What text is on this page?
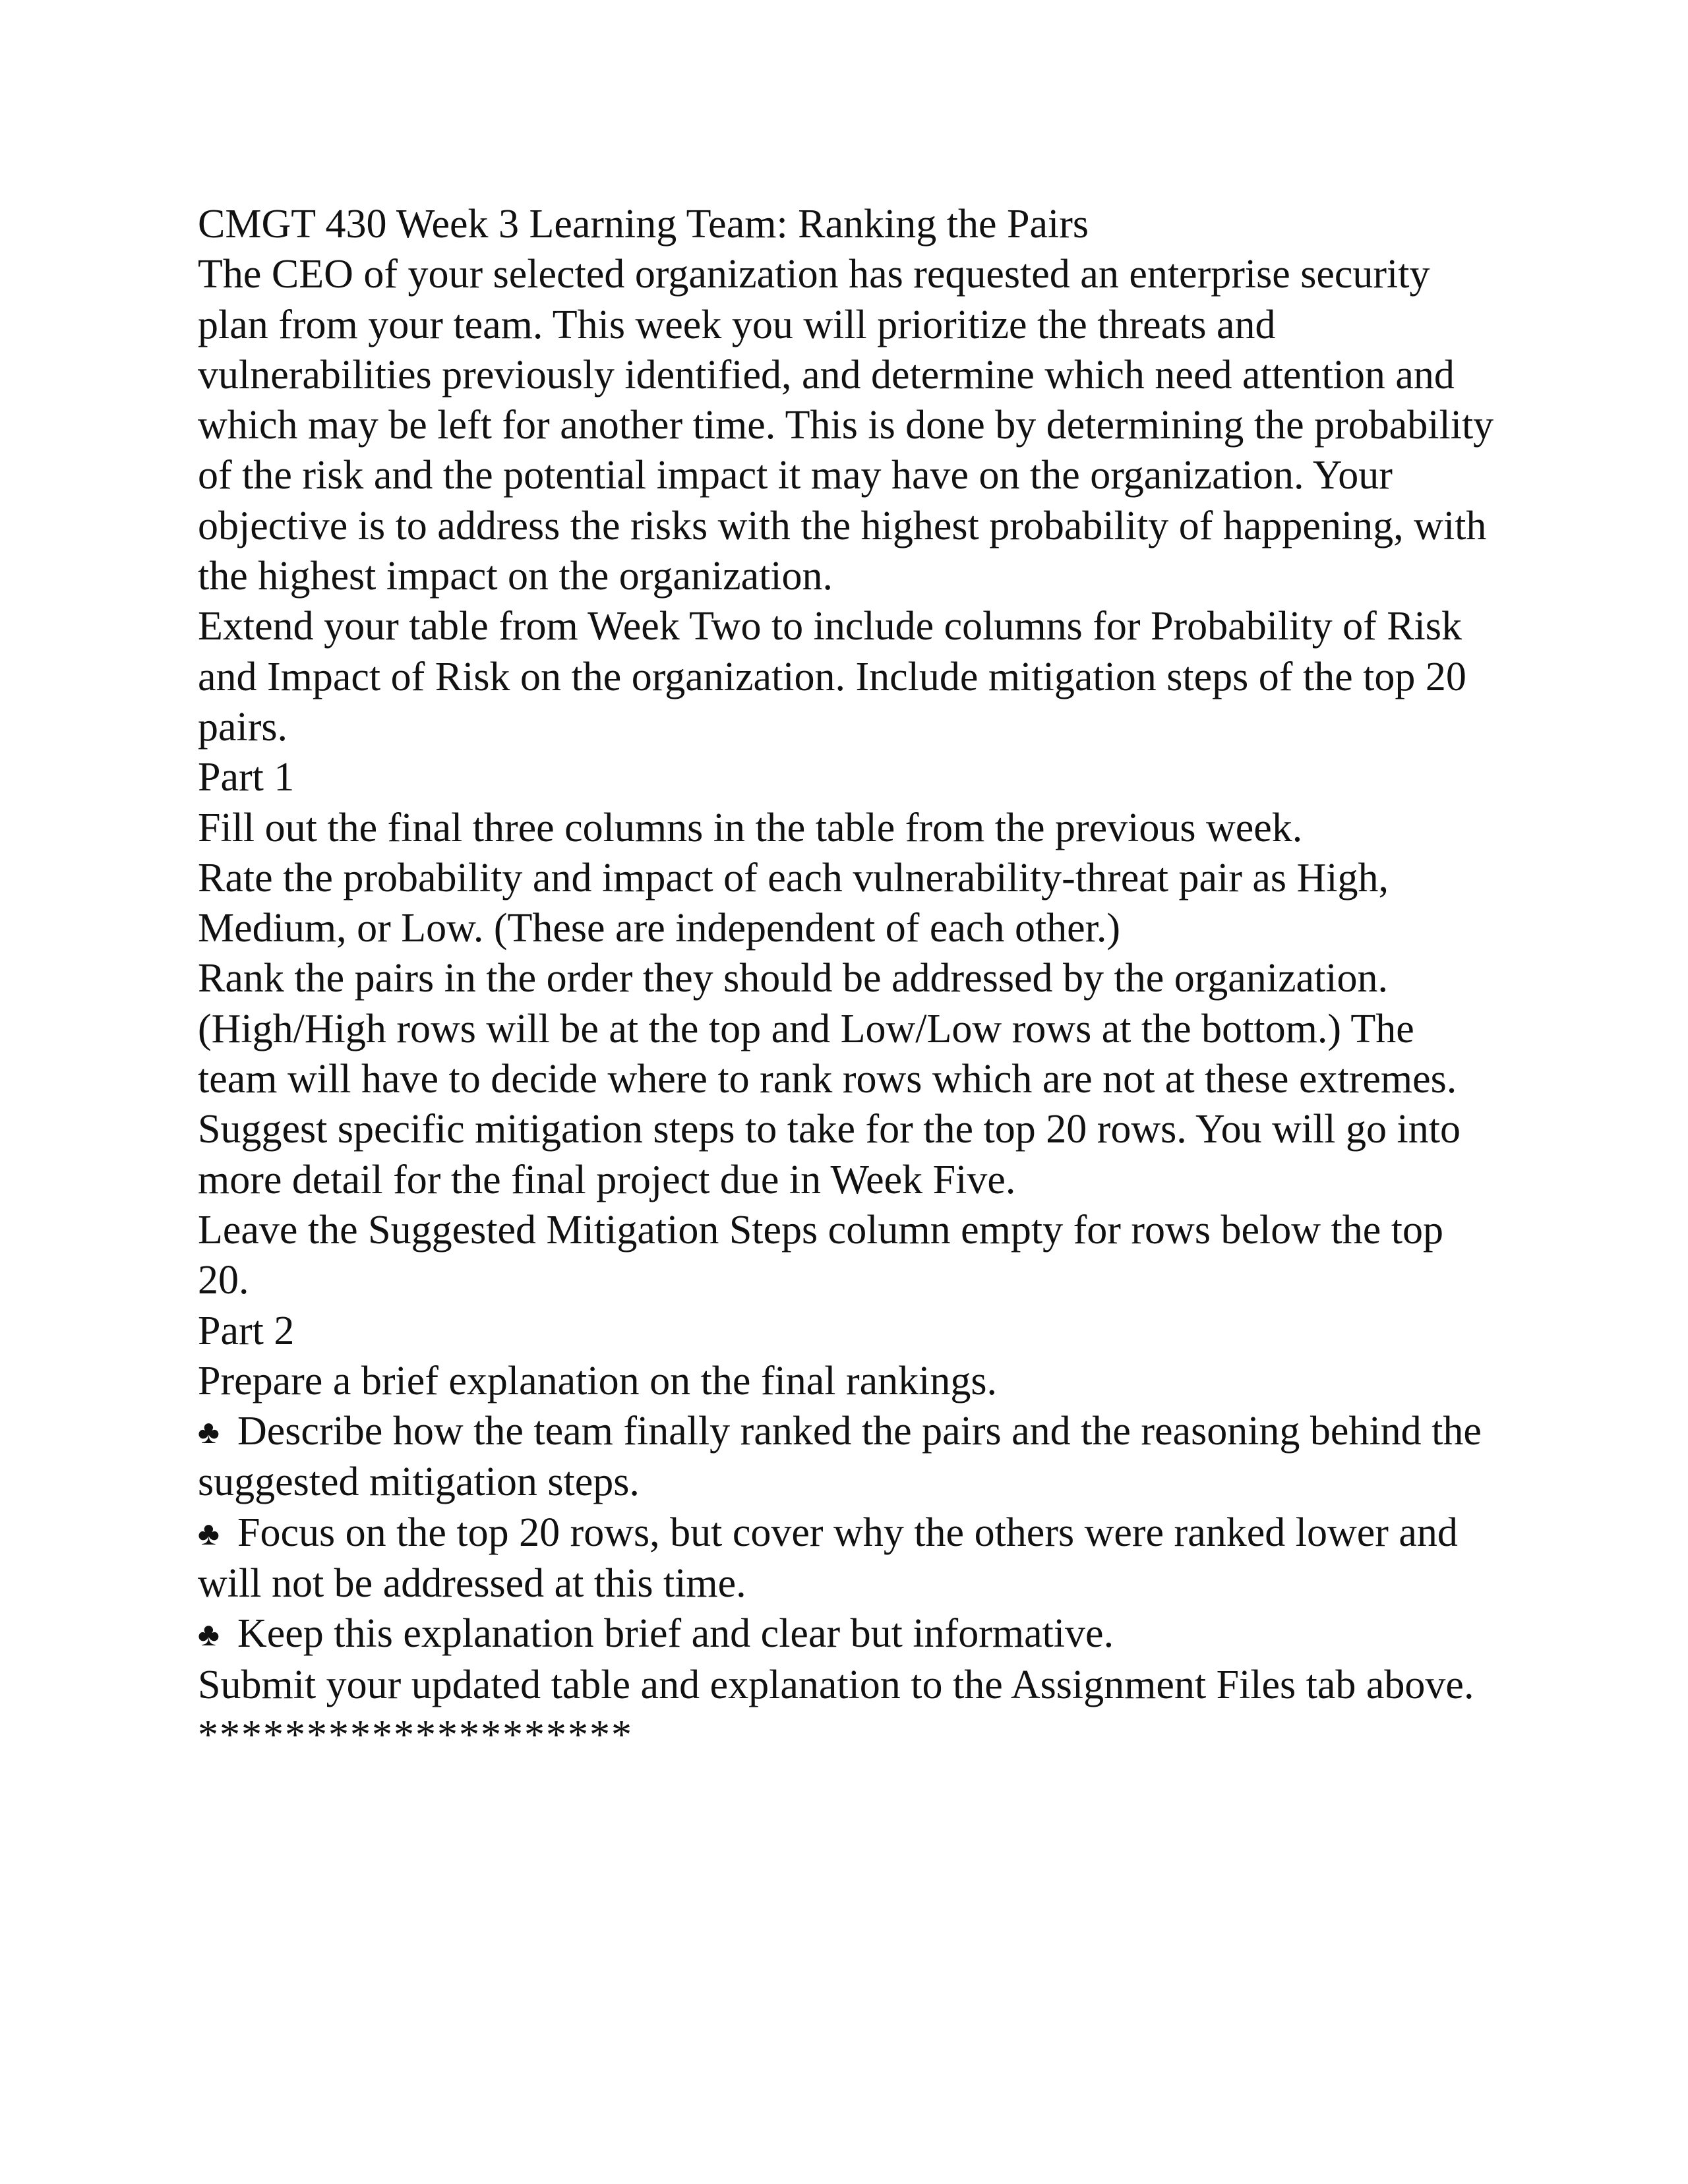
CMGT 430 Week 3 Learning Team: Ranking the Pairs

The CEO of your selected organization has requested an enterprise security plan from your team. This week you will prioritize the threats and vulnerabilities previously identified, and determine which need attention and which may be left for another time. This is done by determining the probability of the risk and the potential impact it may have on the organization. Your objective is to address the risks with the highest probability of happening, with the highest impact on the organization.

Extend your table from Week Two to include columns for Probability of Risk and Impact of Risk on the organization. Include mitigation steps of the top 20 pairs.

Part 1

Fill out the final three columns in the table from the previous week.

Rate the probability and impact of each vulnerability-threat pair as High, Medium, or Low. (These are independent of each other.)

Rank the pairs in the order they should be addressed by the organization. (High/High rows will be at the top and Low/Low rows at the bottom.) The team will have to decide where to rank rows which are not at these extremes.

Suggest specific mitigation steps to take for the top 20 rows. You will go into more detail for the final project due in Week Five.

Leave the Suggested Mitigation Steps column empty for rows below the top 20.

Part 2

Prepare a brief explanation on the final rankings.

♣ Describe how the team finally ranked the pairs and the reasoning behind the suggested mitigation steps.

♣ Focus on the top 20 rows, but cover why the others were ranked lower and will not be addressed at this time.

♣ Keep this explanation brief and clear but informative.

Submit your updated table and explanation to the Assignment Files tab above.

********************
